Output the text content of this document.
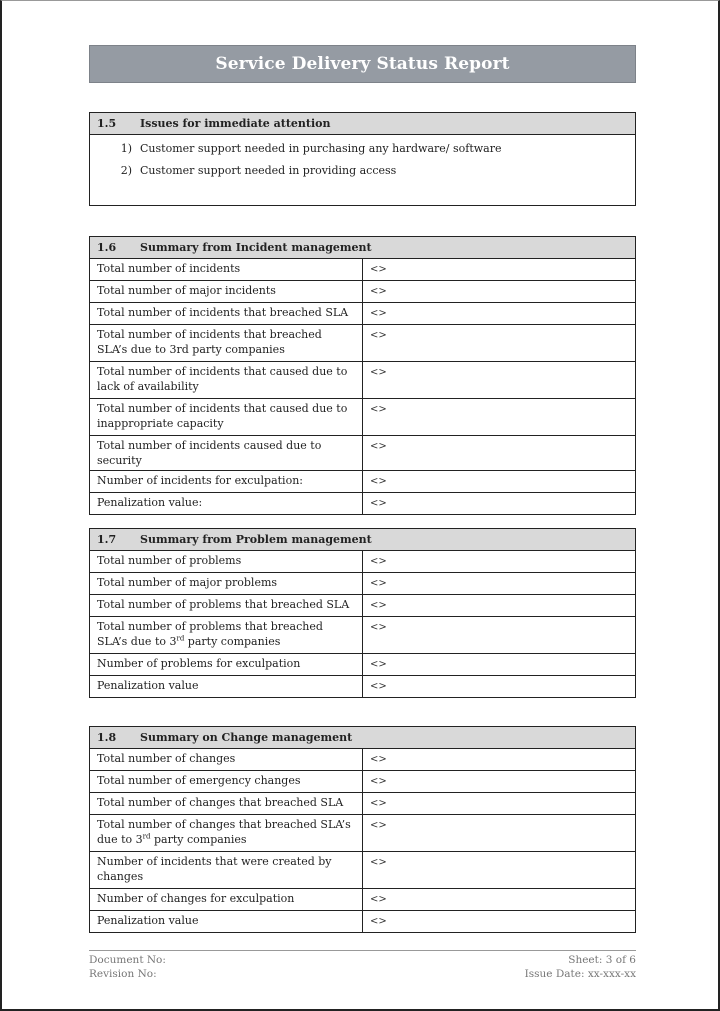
Service Delivery Status Report
1.5 Issues for immediate attention

1) Customer support needed in purchasing any hardware/ software
2) Customer support needed in providing access
1.6 Summary from Incident management	
Total number of incidents	<>
Total number of major incidents	<>
Total number of incidents that breached SLA	<>
Total number of incidents that breached SLA’s due to 3rd party companies	<>
Total number of incidents that caused due to lack of availability	<>
Total number of incidents that caused due to inappropriate capacity	<>
Total number of incidents caused due to security	<>
Number of incidents for exculpation:	<>
Penalization value:	<>
1.7 Summary from Problem management	
Total number of problems	<>
Total number of major problems	<>
Total number of problems that breached SLA	<>
Total number of problems that breached SLA’s due to 3rd party companies	<>
Number of problems for exculpation	<>
Penalization value	<>
1.8 Summary on Change management	
Total number of changes	<>
Total number of emergency changes	<>
Total number of changes that breached SLA	<>
Total number of changes that breached SLA’s due to 3rd party companies	<>
Number of incidents that were created by changes	<>
Number of changes for exculpation	<>
Penalization value	<>
Document No:	Sheet: 3 of 6
Revision No:	Issue Date: xx-xxx-xx
